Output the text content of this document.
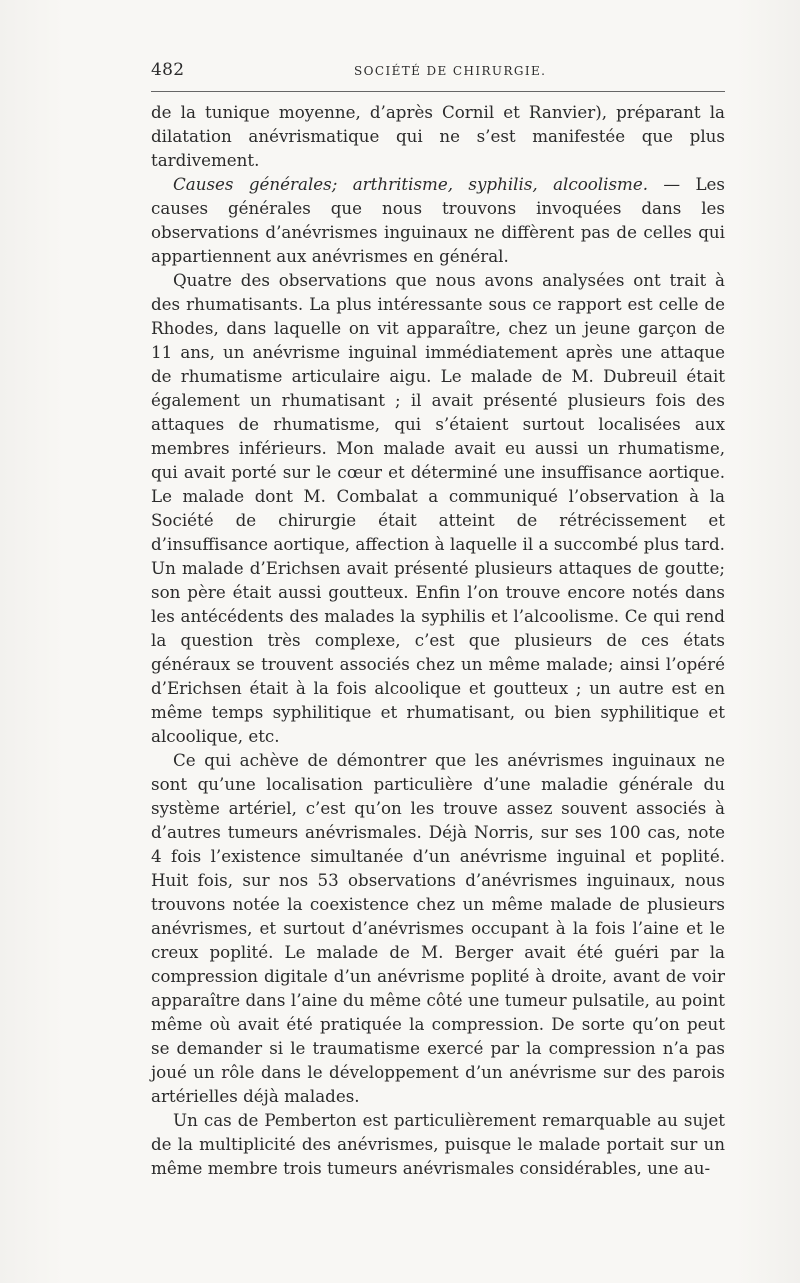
482	SOCIÉTÉ DE CHIRURGIE.

de la tunique moyenne, d’après Cornil et Ranvier), préparant la dilatation anévrismatique qui ne s’est manifestée que plus tardivement.

Causes générales; arthritisme, syphilis, alcoolisme. — Les causes générales que nous trouvons invoquées dans les observations d’anévrismes inguinaux ne diffèrent pas de celles qui appartiennent aux anévrismes en général.

Quatre des observations que nous avons analysées ont trait à des rhumatisants. La plus intéressante sous ce rapport est celle de Rhodes, dans laquelle on vit apparaître, chez un jeune garçon de 11 ans, un anévrisme inguinal immédiatement après une attaque de rhumatisme articulaire aigu. Le malade de M. Dubreuil était également un rhumatisant ; il avait présenté plusieurs fois des attaques de rhumatisme, qui s’étaient surtout localisées aux membres inférieurs. Mon malade avait eu aussi un rhumatisme, qui avait porté sur le cœur et déterminé une insuffisance aortique. Le malade dont M. Combalat a communiqué l’observation à la Société de chirurgie était atteint de rétrécissement et d’insuffisance aortique, affection à laquelle il a succombé plus tard. Un malade d’Erichsen avait présenté plusieurs attaques de goutte; son père était aussi goutteux. Enfin l’on trouve encore notés dans les antécédents des malades la syphilis et l’alcoolisme. Ce qui rend la question très complexe, c’est que plusieurs de ces états généraux se trouvent associés chez un même malade; ainsi l’opéré d’Erichsen était à la fois alcoolique et goutteux ; un autre est en même temps syphilitique et rhumatisant, ou bien syphilitique et alcoolique, etc.

Ce qui achève de démontrer que les anévrismes inguinaux ne sont qu’une localisation particulière d’une maladie générale du système artériel, c’est qu’on les trouve assez souvent associés à d’autres tumeurs anévrismales. Déjà Norris, sur ses 100 cas, note 4 fois l’existence simultanée d’un anévrisme inguinal et poplité. Huit fois, sur nos 53 observations d’anévrismes inguinaux, nous trouvons notée la coexistence chez un même malade de plusieurs anévrismes, et surtout d’anévrismes occupant à la fois l’aine et le creux poplité. Le malade de M. Berger avait été guéri par la compression digitale d’un anévrisme poplité à droite, avant de voir apparaître dans l’aine du même côté une tumeur pulsatile, au point même où avait été pratiquée la compression. De sorte qu’on peut se demander si le traumatisme exercé par la compression n’a pas joué un rôle dans le développement d’un anévrisme sur des parois artérielles déjà malades.

Un cas de Pemberton est particulièrement remarquable au sujet de la multiplicité des anévrismes, puisque le malade portait sur un même membre trois tumeurs anévrismales considérables, une au-
